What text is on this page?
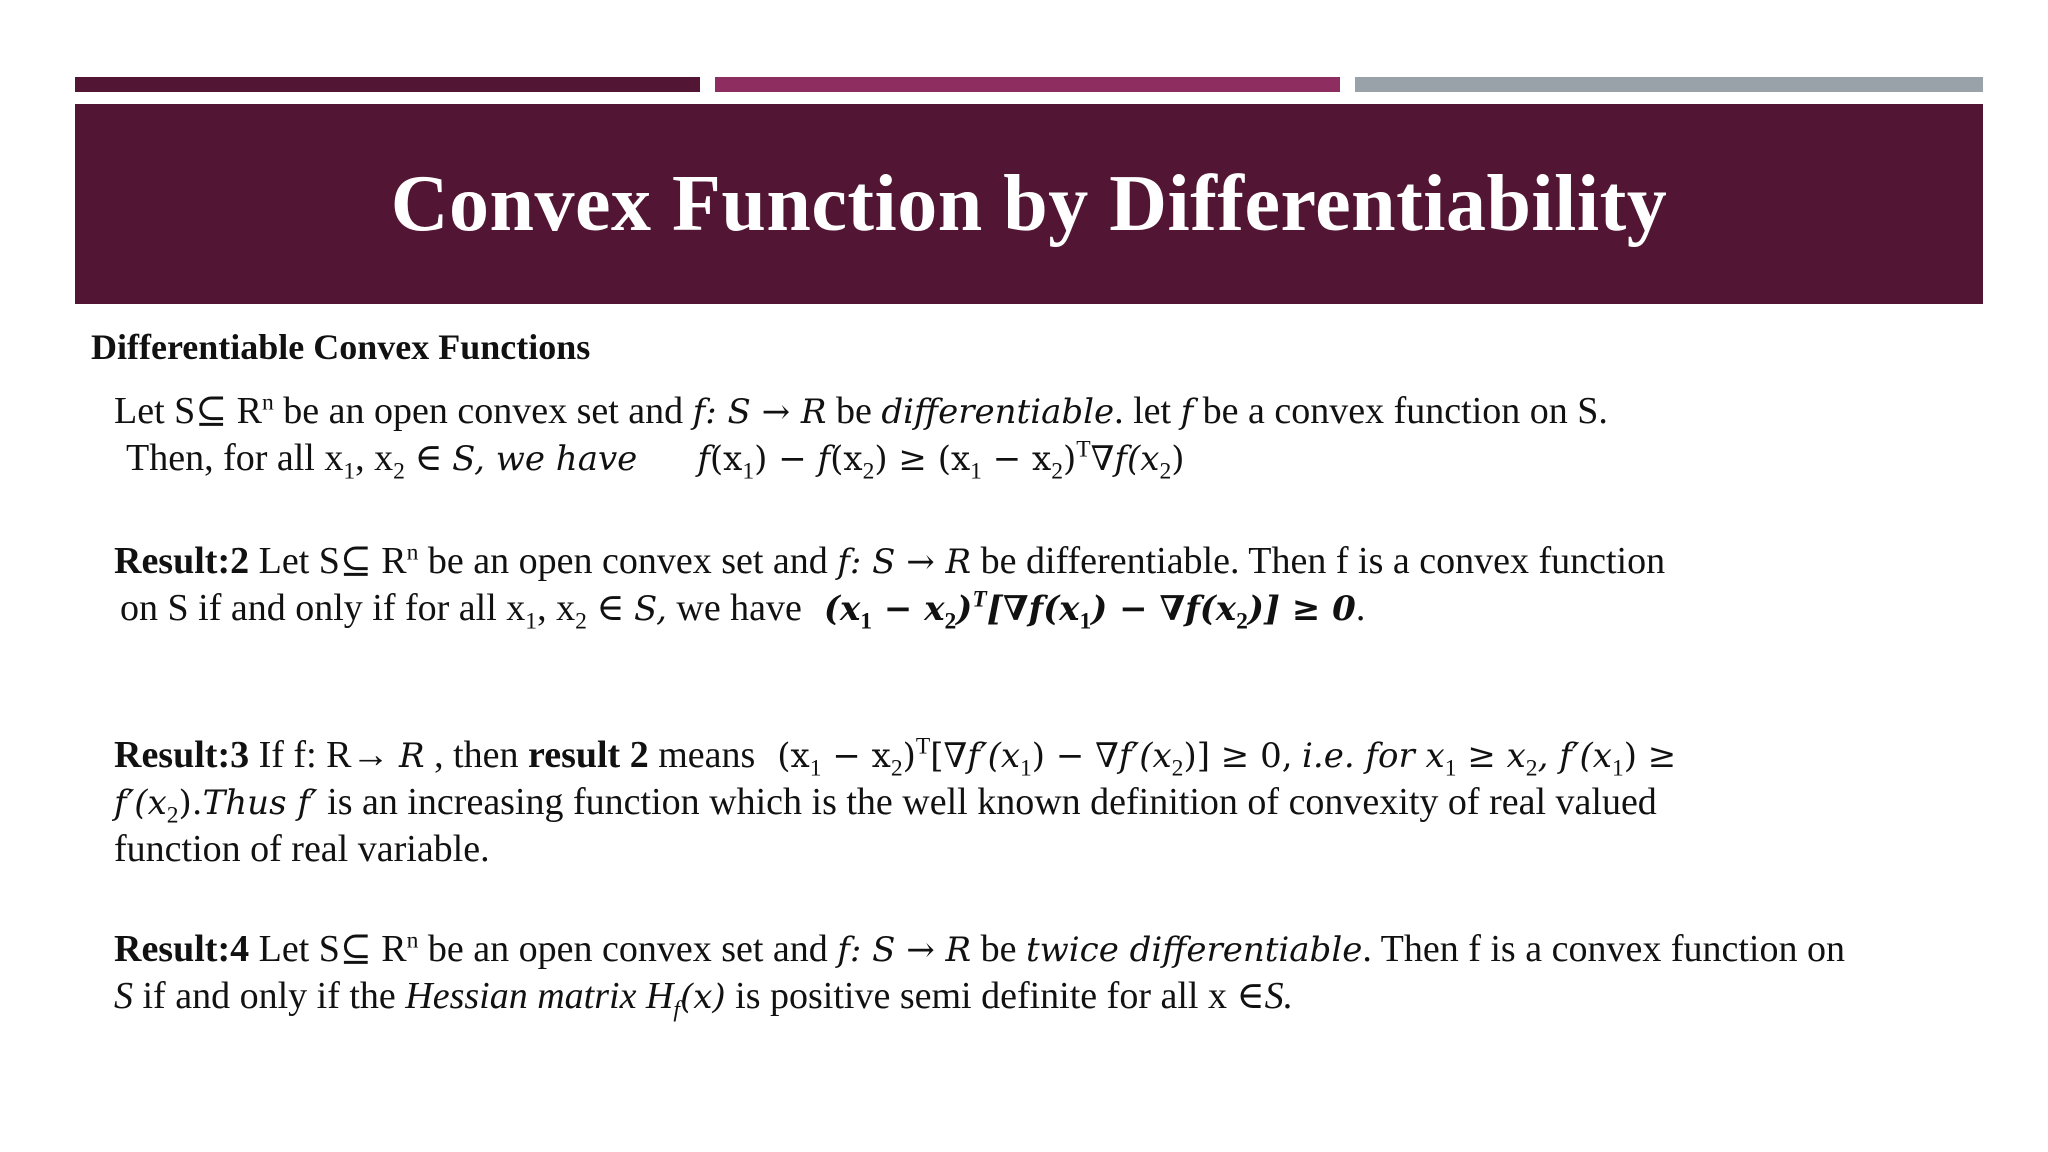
Convex Function by Differentiability

Differentiable Convex Functions

Let S⊆ $R^n$ be an open convex set and f: S → R be differentiable. let f be a convex function on S.
Then, for all $x_1$, $x_2$ ∈ S, we have $f(x_1) - f(x_2) \ge (x_1 - x_2)^T\nabla f(x_2)$

Result:2 Let S⊆ $R^n$ be an open convex set and f: S → R be differentiable. Then f is a convex function
on S if and only if for all $x_1$, $x_2$ ∈ S, we have $(x_1 - x_2)^T[\nabla f(x_1) - \nabla f(x_2)] \ge 0$.

Result:3 If f: R→ R , then result 2 means $(x_1 - x_2)^T[\nabla f'(x_1) - \nabla f'(x_2)] \ge 0$, i.e. for $x_1 \ge x_2$, $f'(x_1)$ ≥
$f'(x_2).Thus$ f′ is an increasing function which is the well known definition of convexity of real valued
function of real variable.

Result:4 Let S⊆ $R^n$ be an open convex set and f: S → R be twice differentiable. Then f is a convex function on
S if and only if the Hessian matrix $H_f(x)$ is positive semi definite for all x ∈S.
